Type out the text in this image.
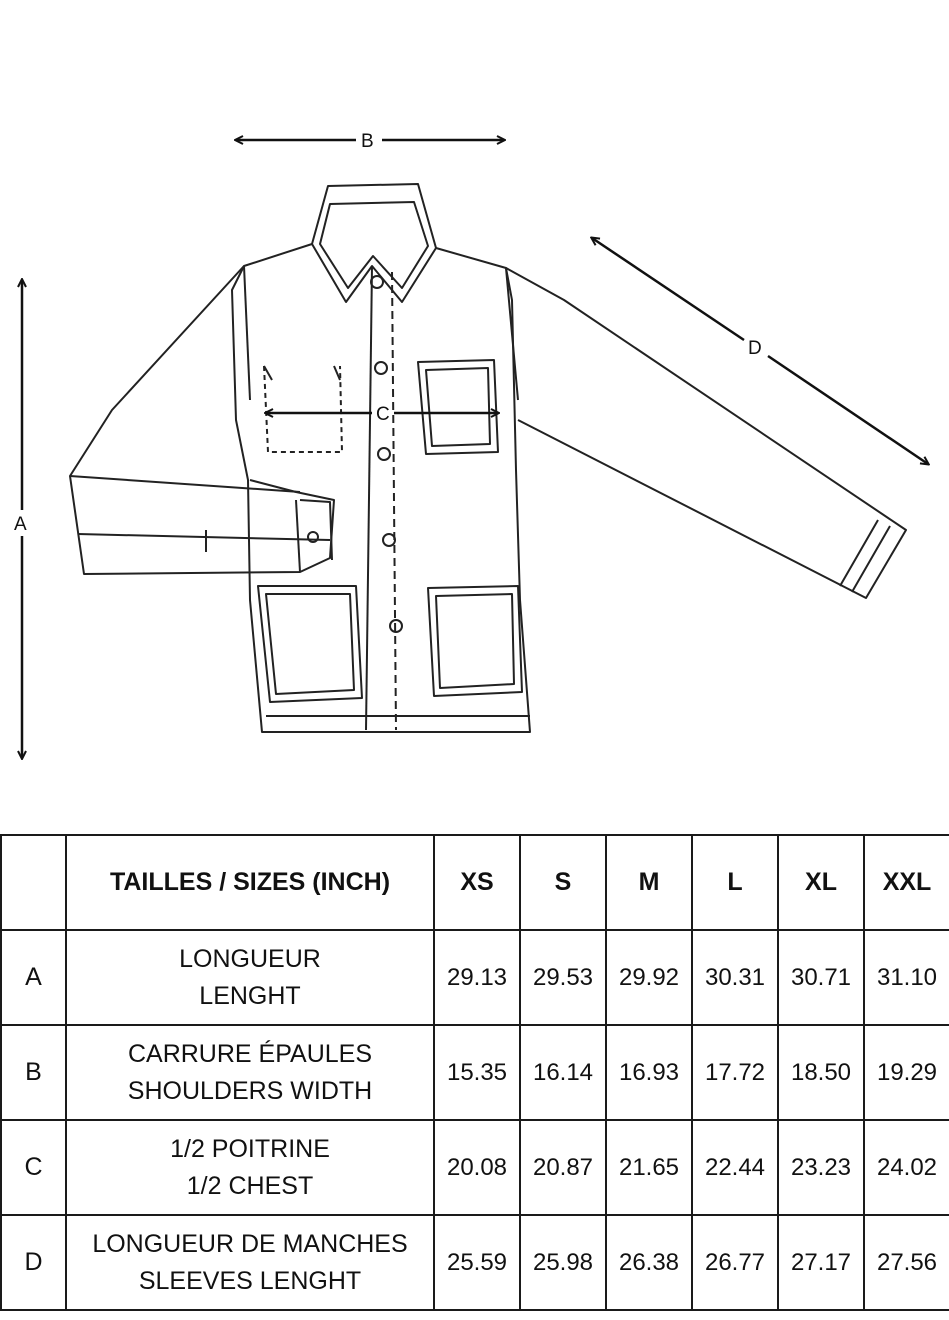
A
B
C
D
	TAILLES / SIZES (INCH)	XS	S	M	L	XL	XXL
A	LONGUEUR
LENGHT	29.13	29.53	29.92	30.31	30.71	31.10
B	CARRURE ÉPAULES
SHOULDERS WIDTH	15.35	16.14	16.93	17.72	18.50	19.29
C	1/2 POITRINE
1/2 CHEST	20.08	20.87	21.65	22.44	23.23	24.02
D	LONGUEUR DE MANCHES
SLEEVES LENGHT	25.59	25.98	26.38	26.77	27.17	27.56
